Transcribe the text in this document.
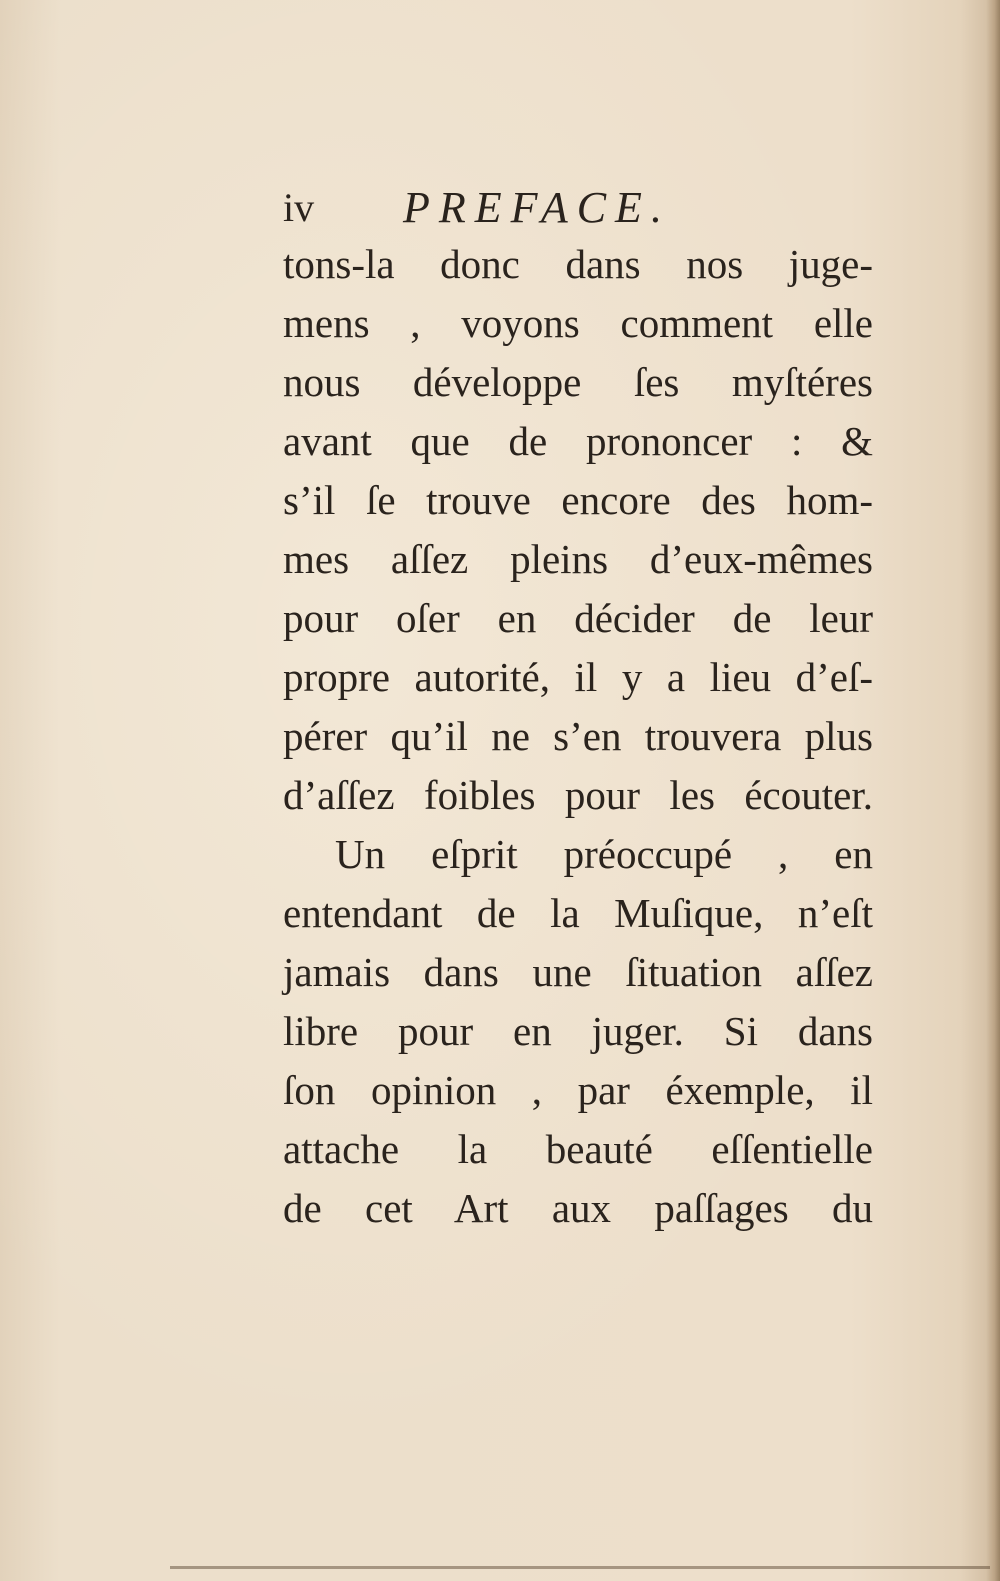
iv PREFACE.
tons-la donc dans nos juge-
mens , voyons comment elle
nous développe ſes myſtéres
avant que de prononcer : &
s’il ſe trouve encore des hom-
mes aſſez pleins d’eux-mêmes
pour oſer en décider de leur
propre autorité, il y a lieu d’eſ-
pérer qu’il ne s’en trouvera plus
d’aſſez foibles pour les écouter.
Un eſprit préoccupé , en
entendant de la Muſique, n’eſt
jamais dans une ſituation aſſez
libre pour en juger. Si dans
ſon opinion , par éxemple, il
attache la beauté eſſentielle
de cet Art aux paſſages du
